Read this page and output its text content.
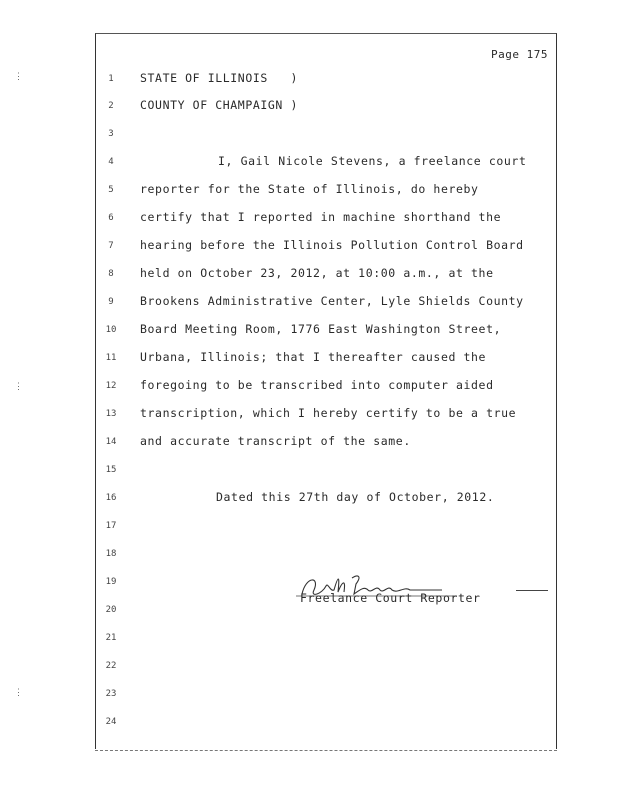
Page 175
1	STATE OF ILLINOIS   )
2	COUNTY OF CHAMPAIGN )
3
4	I, Gail Nicole Stevens, a freelance court
5	reporter for the State of Illinois, do hereby
6	certify that I reported in machine shorthand the
7	hearing before the Illinois Pollution Control Board
8	held on October 23, 2012, at 10:00 a.m., at the
9	Brookens Administrative Center, Lyle Shields County
10 Board Meeting Room, 1776 East Washington Street,
11 Urbana, Illinois; that I thereafter caused the
12 foregoing to be transcribed into computer aided
13 transcription, which I hereby certify to be a true
14 and accurate transcript of the same.
15
16	Dated this 27th day of October, 2012.
17
18
19
20
21
22
23
24
Freelance Court Reporter
⋮
⋮
⋮
